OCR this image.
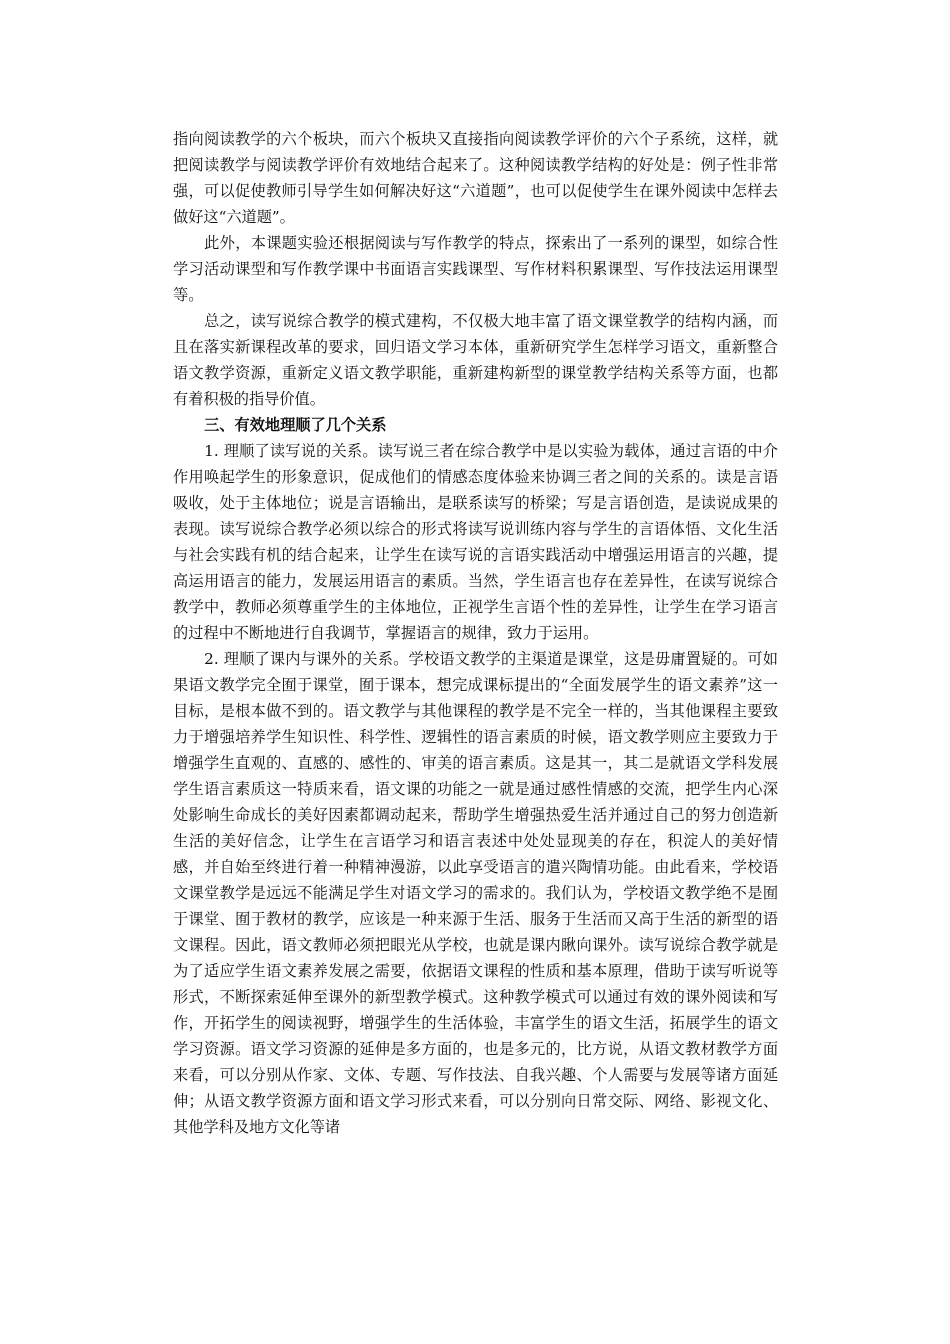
指向阅读教学的六个板块，而六个板块又直接指向阅读教学评价的六个子系统，这样，就把阅读教学与阅读教学评价有效地结合起来了。这种阅读教学结构的好处是：例子性非常强，可以促使教师引导学生如何解决好这“六道题”，也可以促使学生在课外阅读中怎样去做好这“六道题”。

此外，本课题实验还根据阅读与写作教学的特点，探索出了一系列的课型，如综合性学习活动课型和写作教学课中书面语言实践课型、写作材料积累课型、写作技法运用课型等。

总之，读写说综合教学的模式建构，不仅极大地丰富了语文课堂教学的结构内涵，而且在落实新课程改革的要求，回归语文学习本体，重新研究学生怎样学习语文，重新整合语文教学资源，重新定义语文教学职能，重新建构新型的课堂教学结构关系等方面，也都有着积极的指导价值。

三、有效地理顺了几个关系

1. 理顺了读写说的关系。读写说三者在综合教学中是以实验为载体，通过言语的中介作用唤起学生的形象意识，促成他们的情感态度体验来协调三者之间的关系的。读是言语吸收，处于主体地位；说是言语输出，是联系读写的桥梁；写是言语创造，是读说成果的表现。读写说综合教学必须以综合的形式将读写说训练内容与学生的言语体悟、文化生活与社会实践有机的结合起来，让学生在读写说的言语实践活动中增强运用语言的兴趣，提高运用语言的能力，发展运用语言的素质。当然，学生语言也存在差异性，在读写说综合教学中，教师必须尊重学生的主体地位，正视学生言语个性的差异性，让学生在学习语言的过程中不断地进行自我调节，掌握语言的规律，致力于运用。

2. 理顺了课内与课外的关系。学校语文教学的主渠道是课堂，这是毋庸置疑的。可如果语文教学完全囿于课堂，囿于课本，想完成课标提出的“全面发展学生的语文素养”这一目标，是根本做不到的。语文教学与其他课程的教学是不完全一样的，当其他课程主要致力于增强培养学生知识性、科学性、逻辑性的语言素质的时候，语文教学则应主要致力于增强学生直观的、直感的、感性的、审美的语言素质。这是其一，其二是就语文学科发展学生语言素质这一特质来看，语文课的功能之一就是通过感性情感的交流，把学生内心深处影响生命成长的美好因素都调动起来，帮助学生增强热爱生活并通过自己的努力创造新生活的美好信念，让学生在言语学习和语言表述中处处显现美的存在，积淀人的美好情感，并自始至终进行着一种精神漫游，以此享受语言的遣兴陶情功能。由此看来，学校语文课堂教学是远远不能满足学生对语文学习的需求的。我们认为，学校语文教学绝不是囿于课堂、囿于教材的教学，应该是一种来源于生活、服务于生活而又高于生活的新型的语文课程。因此，语文教师必须把眼光从学校，也就是课内瞅向课外。读写说综合教学就是为了适应学生语文素养发展之需要，依据语文课程的性质和基本原理，借助于读写听说等形式，不断探索延伸至课外的新型教学模式。这种教学模式可以通过有效的课外阅读和写作，开拓学生的阅读视野，增强学生的生活体验，丰富学生的语文生活，拓展学生的语文学习资源。语文学习资源的延伸是多方面的，也是多元的，比方说，从语文教材教学方面来看，可以分别从作家、文体、专题、写作技法、自我兴趣、个人需要与发展等诸方面延伸；从语文教学资源方面和语文学习形式来看，可以分别向日常交际、网络、影视文化、其他学科及地方文化等诸
